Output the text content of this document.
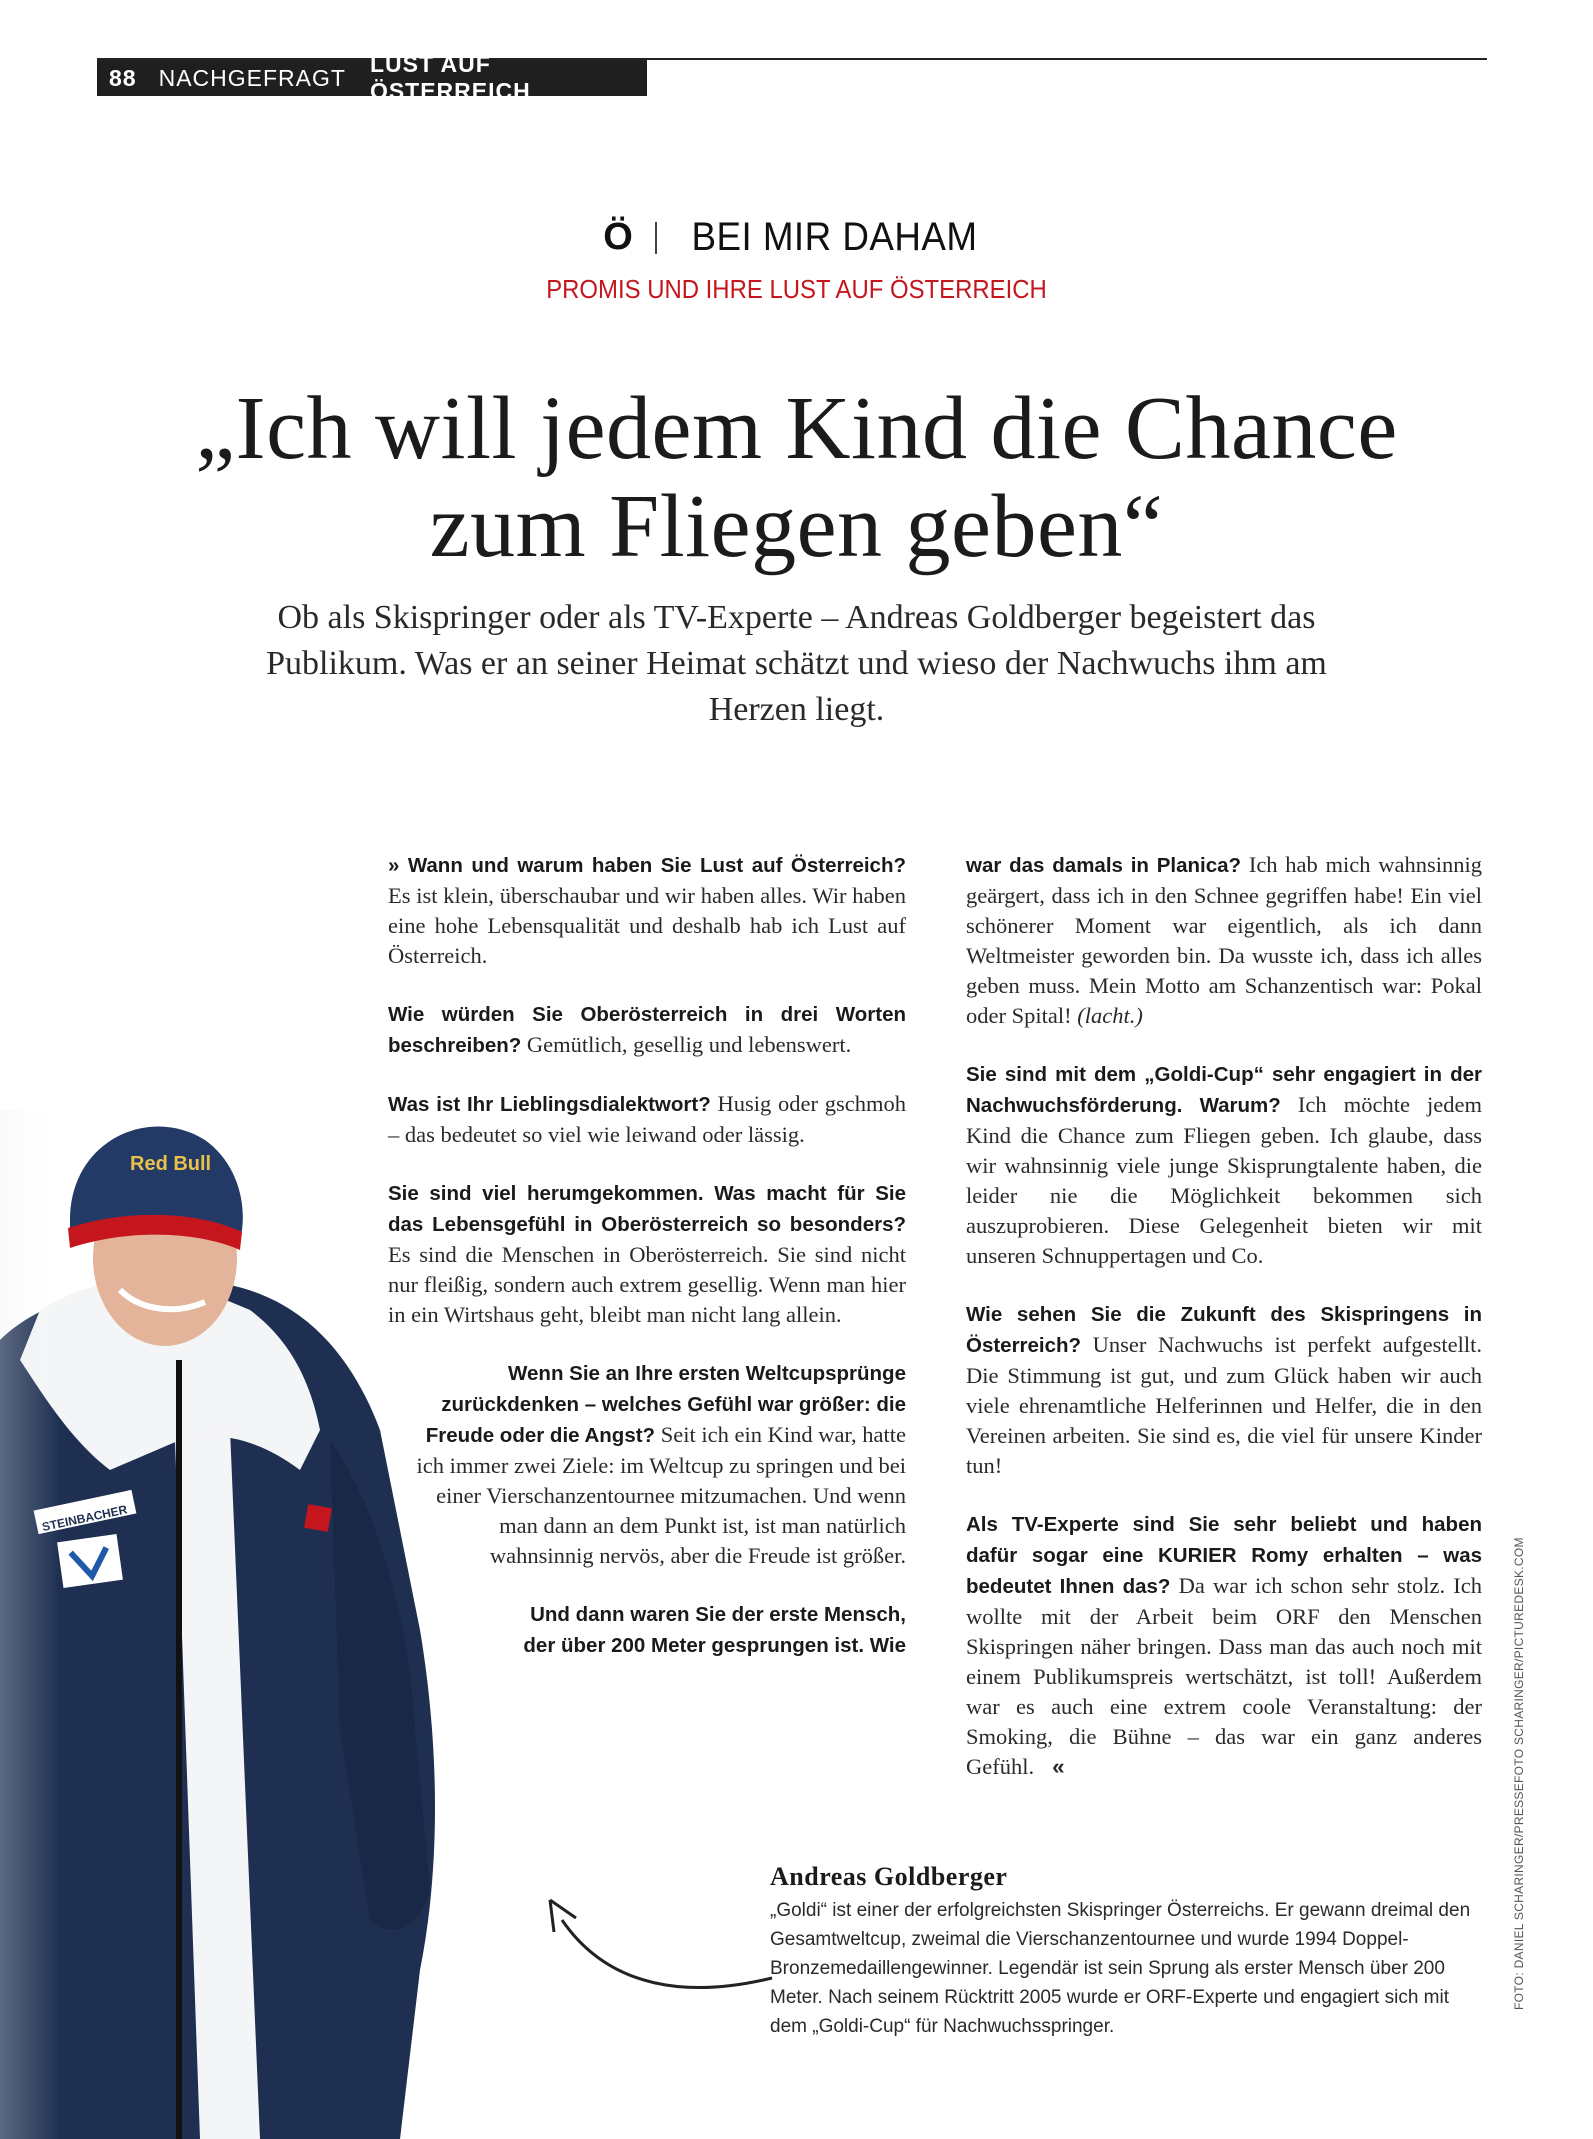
88 NACHGEFRAGT
LUST AUF ÖSTERREICH
Ö BEI MIR DAHAM
PROMIS UND IHRE LUST AUF ÖSTERREICH
„Ich will jedem Kind die Chance zum Fliegen geben“

Ob als Skispringer oder als TV-Experte – Andreas Goldberger begeistert das Publikum. Was er an seiner Heimat schätzt und wieso der Nachwuchs ihm am Herzen liegt.

Red Bull
STEINBACHER

» Wann und warum haben Sie Lust auf Österreich? Es ist klein, überschaubar und wir haben alles. Wir haben eine hohe Lebensqualität und deshalb hab ich Lust auf Österreich.

Wie würden Sie Oberösterreich in drei Worten beschreiben? Gemütlich, gesellig und lebenswert.

Was ist Ihr Lieblingsdialektwort? Husig oder gschmoh – das bedeutet so viel wie leiwand oder lässig.

Sie sind viel herumgekommen. Was macht für Sie das Lebensgefühl in Oberösterreich so besonders? Es sind die Menschen in Oberösterreich. Sie sind nicht nur fleißig, sondern auch extrem gesellig. Wenn man hier in ein Wirtshaus geht, bleibt man nicht lang allein.

Wenn Sie an Ihre ersten Weltcupsprünge zurückdenken – welches Gefühl war größer: die Freude oder die Angst? Seit ich ein Kind war, hatte ich immer zwei Ziele: im Weltcup zu springen und bei einer Vierschanzentournee mitzumachen. Und wenn man dann an dem Punkt ist, ist man natürlich wahnsinnig nervös, aber die Freude ist größer.

Und dann waren Sie der erste Mensch, der über 200 Meter gesprungen ist. Wie

war das damals in Planica? Ich hab mich wahnsinnig geärgert, dass ich in den Schnee gegriffen habe! Ein viel schönerer Moment war eigentlich, als ich dann Weltmeister geworden bin. Da wusste ich, dass ich alles geben muss. Mein Motto am Schanzentisch war: Pokal oder Spital! (lacht.)

Sie sind mit dem „Goldi-Cup“ sehr engagiert in der Nachwuchsförderung. Warum? Ich möchte jedem Kind die Chance zum Fliegen geben. Ich glaube, dass wir wahnsinnig viele junge Skisprungtalente haben, die leider nie die Möglichkeit bekommen sich auszuprobieren. Diese Gelegenheit bieten wir mit unseren Schnuppertagen und Co.

Wie sehen Sie die Zukunft des Skispringens in Österreich? Unser Nachwuchs ist perfekt aufgestellt. Die Stimmung ist gut, und zum Glück haben wir auch viele ehrenamtliche Helferinnen und Helfer, die in den Vereinen arbeiten. Sie sind es, die viel für unsere Kinder tun!

Als TV-Experte sind Sie sehr beliebt und haben dafür sogar eine KURIER Romy erhalten – was bedeutet Ihnen das? Da war ich schon sehr stolz. Ich wollte mit der Arbeit beim ORF den Menschen Skispringen näher bringen. Dass man das auch noch mit einem Publikumspreis wertschätzt, ist toll! Außerdem war es auch eine extrem coole Veranstaltung: der Smoking, die Bühne – das war ein ganz anderes Gefühl. «

Andreas Goldberger

„Goldi“ ist einer der erfolgreichsten Skispringer Österreichs. Er gewann dreimal den Gesamtweltcup, zweimal die Vierschanzentournee und wurde 1994 Doppel-Bronzemedaillengewinner. Legendär ist sein Sprung als erster Mensch über 200 Meter. Nach seinem Rücktritt 2005 wurde er ORF-Experte und engagiert sich mit dem „Goldi-Cup“ für Nachwuchsspringer.

FOTO: DANIEL SCHARINGER/PRESSEFOTO SCHARINGER/PICTUREDESK.COM
